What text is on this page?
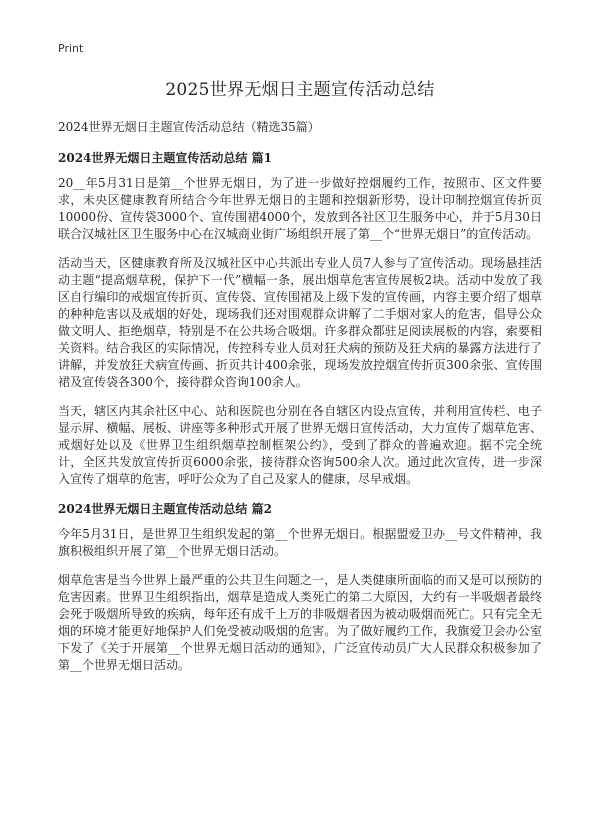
Print
2025世界无烟日主题宣传活动总结
2024世界无烟日主题宣传活动总结（精选35篇）
2024世界无烟日主题宣传活动总结 篇1

20__年5月31日是第__个世界无烟日，为了进一步做好控烟履约工作，按照市、区文件要求，未央区健康教育所结合今年世界无烟日的主题和控烟新形势，设计印制控烟宣传折页10000份、宣传袋3000个、宣传围裙4000个，发放到各社区卫生服务中心，并于5月30日联合汉城社区卫生服务中心在汉城商业街广场组织开展了第__个“世界无烟日”的宣传活动。

活动当天，区健康教育所及汉城社区中心共派出专业人员7人参与了宣传活动。现场悬挂活动主题“提高烟草税，保护下一代”横幅一条，展出烟草危害宣传展板2块。活动中发放了我区自行编印的戒烟宣传折页、宣传袋、宣传围裙及上级下发的宣传画，内容主要介绍了烟草的种种危害以及戒烟的好处，现场我们还对围观群众讲解了二手烟对家人的危害，倡导公众做文明人、拒绝烟草，特别是不在公共场合吸烟。许多群众都驻足阅读展板的内容，索要相关资料。结合我区的实际情况，传控科专业人员对狂犬病的预防及狂犬病的暴露方法进行了讲解，并发放狂犬病宣传画、折页共计400余张，现场发放控烟宣传折页300余张、宣传围裙及宣传袋各300个，接待群众咨询100余人。

当天，辖区内其余社区中心、站和医院也分别在各自辖区内设点宣传，并利用宣传栏、电子显示屏、横幅、展板、讲座等多种形式开展了世界无烟日宣传活动，大力宣传了烟草危害、戒烟好处以及《世界卫生组织烟草控制框架公约》，受到了群众的普遍欢迎。据不完全统计，全区共发放宣传折页6000余张，接待群众咨询500余人次。通过此次宣传，进一步深入宣传了烟草的危害，呼吁公众为了自己及家人的健康，尽早戒烟。

2024世界无烟日主题宣传活动总结 篇2

今年5月31日，是世界卫生组织发起的第__个世界无烟日。根据盟爱卫办__号文件精神，我旗积极组织开展了第__个世界无烟日活动。

烟草危害是当今世界上最严重的公共卫生问题之一，是人类健康所面临的而又是可以预防的危害因素。世界卫生组织指出，烟草是造成人类死亡的第二大原因，大约有一半吸烟者最终会死于吸烟所导致的疾病，每年还有成千上万的非吸烟者因为被动吸烟而死亡。只有完全无烟的环境才能更好地保护人们免受被动吸烟的危害。为了做好履约工作，我旗爱卫会办公室下发了《关于开展第__个世界无烟日活动的通知》，广泛宣传动员广大人民群众积极参加了第__个世界无烟日活动。
